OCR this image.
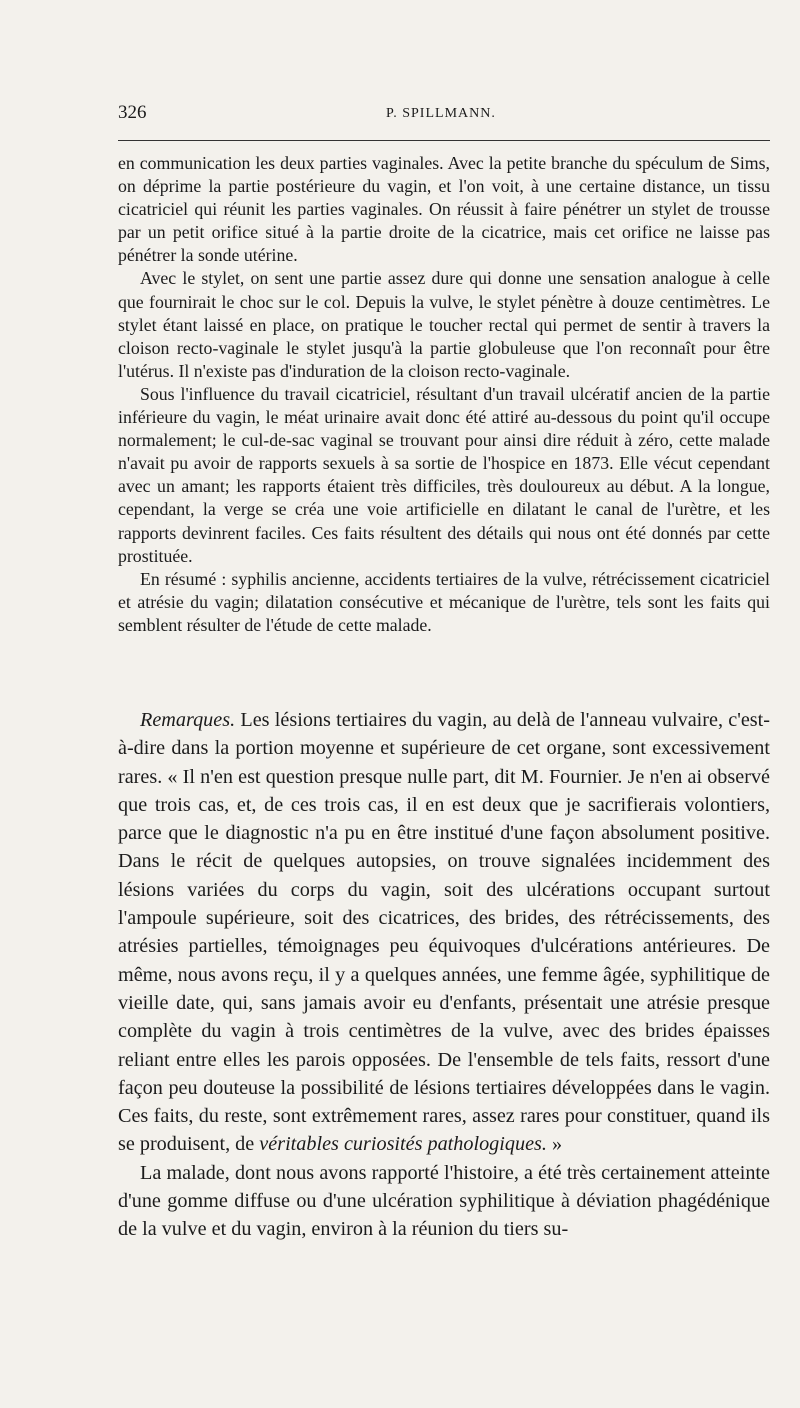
326	P. SPILLMANN.

en communication les deux parties vaginales. Avec la petite branche du spéculum de Sims, on déprime la partie postérieure du vagin, et l'on voit, à une certaine distance, un tissu cicatriciel qui réunit les parties vaginales. On réussit à faire pénétrer un stylet de trousse par un petit orifice situé à la partie droite de la cicatrice, mais cet orifice ne laisse pas pénétrer la sonde utérine.

Avec le stylet, on sent une partie assez dure qui donne une sensation analogue à celle que fournirait le choc sur le col. Depuis la vulve, le stylet pénètre à douze centimètres. Le stylet étant laissé en place, on pratique le toucher rectal qui permet de sentir à travers la cloison recto-vaginale le stylet jusqu'à la partie globuleuse que l'on reconnaît pour être l'utérus. Il n'existe pas d'induration de la cloison recto-vaginale.

Sous l'influence du travail cicatriciel, résultant d'un travail ulcératif ancien de la partie inférieure du vagin, le méat urinaire avait donc été attiré au-dessous du point qu'il occupe normalement; le cul-de-sac vaginal se trouvant pour ainsi dire réduit à zéro, cette malade n'avait pu avoir de rapports sexuels à sa sortie de l'hospice en 1873. Elle vécut cependant avec un amant; les rapports étaient très difficiles, très douloureux au début. A la longue, cependant, la verge se créa une voie artificielle en dilatant le canal de l'urètre, et les rapports devinrent faciles. Ces faits résultent des détails qui nous ont été donnés par cette prostituée.

En résumé : syphilis ancienne, accidents tertiaires de la vulve, rétrécissement cicatriciel et atrésie du vagin; dilatation consécutive et mécanique de l'urètre, tels sont les faits qui semblent résulter de l'étude de cette malade.

Remarques. Les lésions tertiaires du vagin, au delà de l'anneau vulvaire, c'est-à-dire dans la portion moyenne et supérieure de cet organe, sont excessivement rares. « Il n'en est question presque nulle part, dit M. Fournier. Je n'en ai observé que trois cas, et, de ces trois cas, il en est deux que je sacrifierais volontiers, parce que le diagnostic n'a pu en être institué d'une façon absolument positive. Dans le récit de quelques autopsies, on trouve signalées incidemment des lésions variées du corps du vagin, soit des ulcérations occupant surtout l'ampoule supérieure, soit des cicatrices, des brides, des rétrécissements, des atrésies partielles, témoignages peu équivoques d'ulcérations antérieures. De même, nous avons reçu, il y a quelques années, une femme âgée, syphilitique de vieille date, qui, sans jamais avoir eu d'enfants, présentait une atrésie presque complète du vagin à trois centimètres de la vulve, avec des brides épaisses reliant entre elles les parois opposées. De l'ensemble de tels faits, ressort d'une façon peu douteuse la possibilité de lésions tertiaires développées dans le vagin. Ces faits, du reste, sont extrêmement rares, assez rares pour constituer, quand ils se produisent, de véritables curiosités pathologiques. »

La malade, dont nous avons rapporté l'histoire, a été très certainement atteinte d'une gomme diffuse ou d'une ulcération syphilitique à déviation phagédénique de la vulve et du vagin, environ à la réunion du tiers su-
